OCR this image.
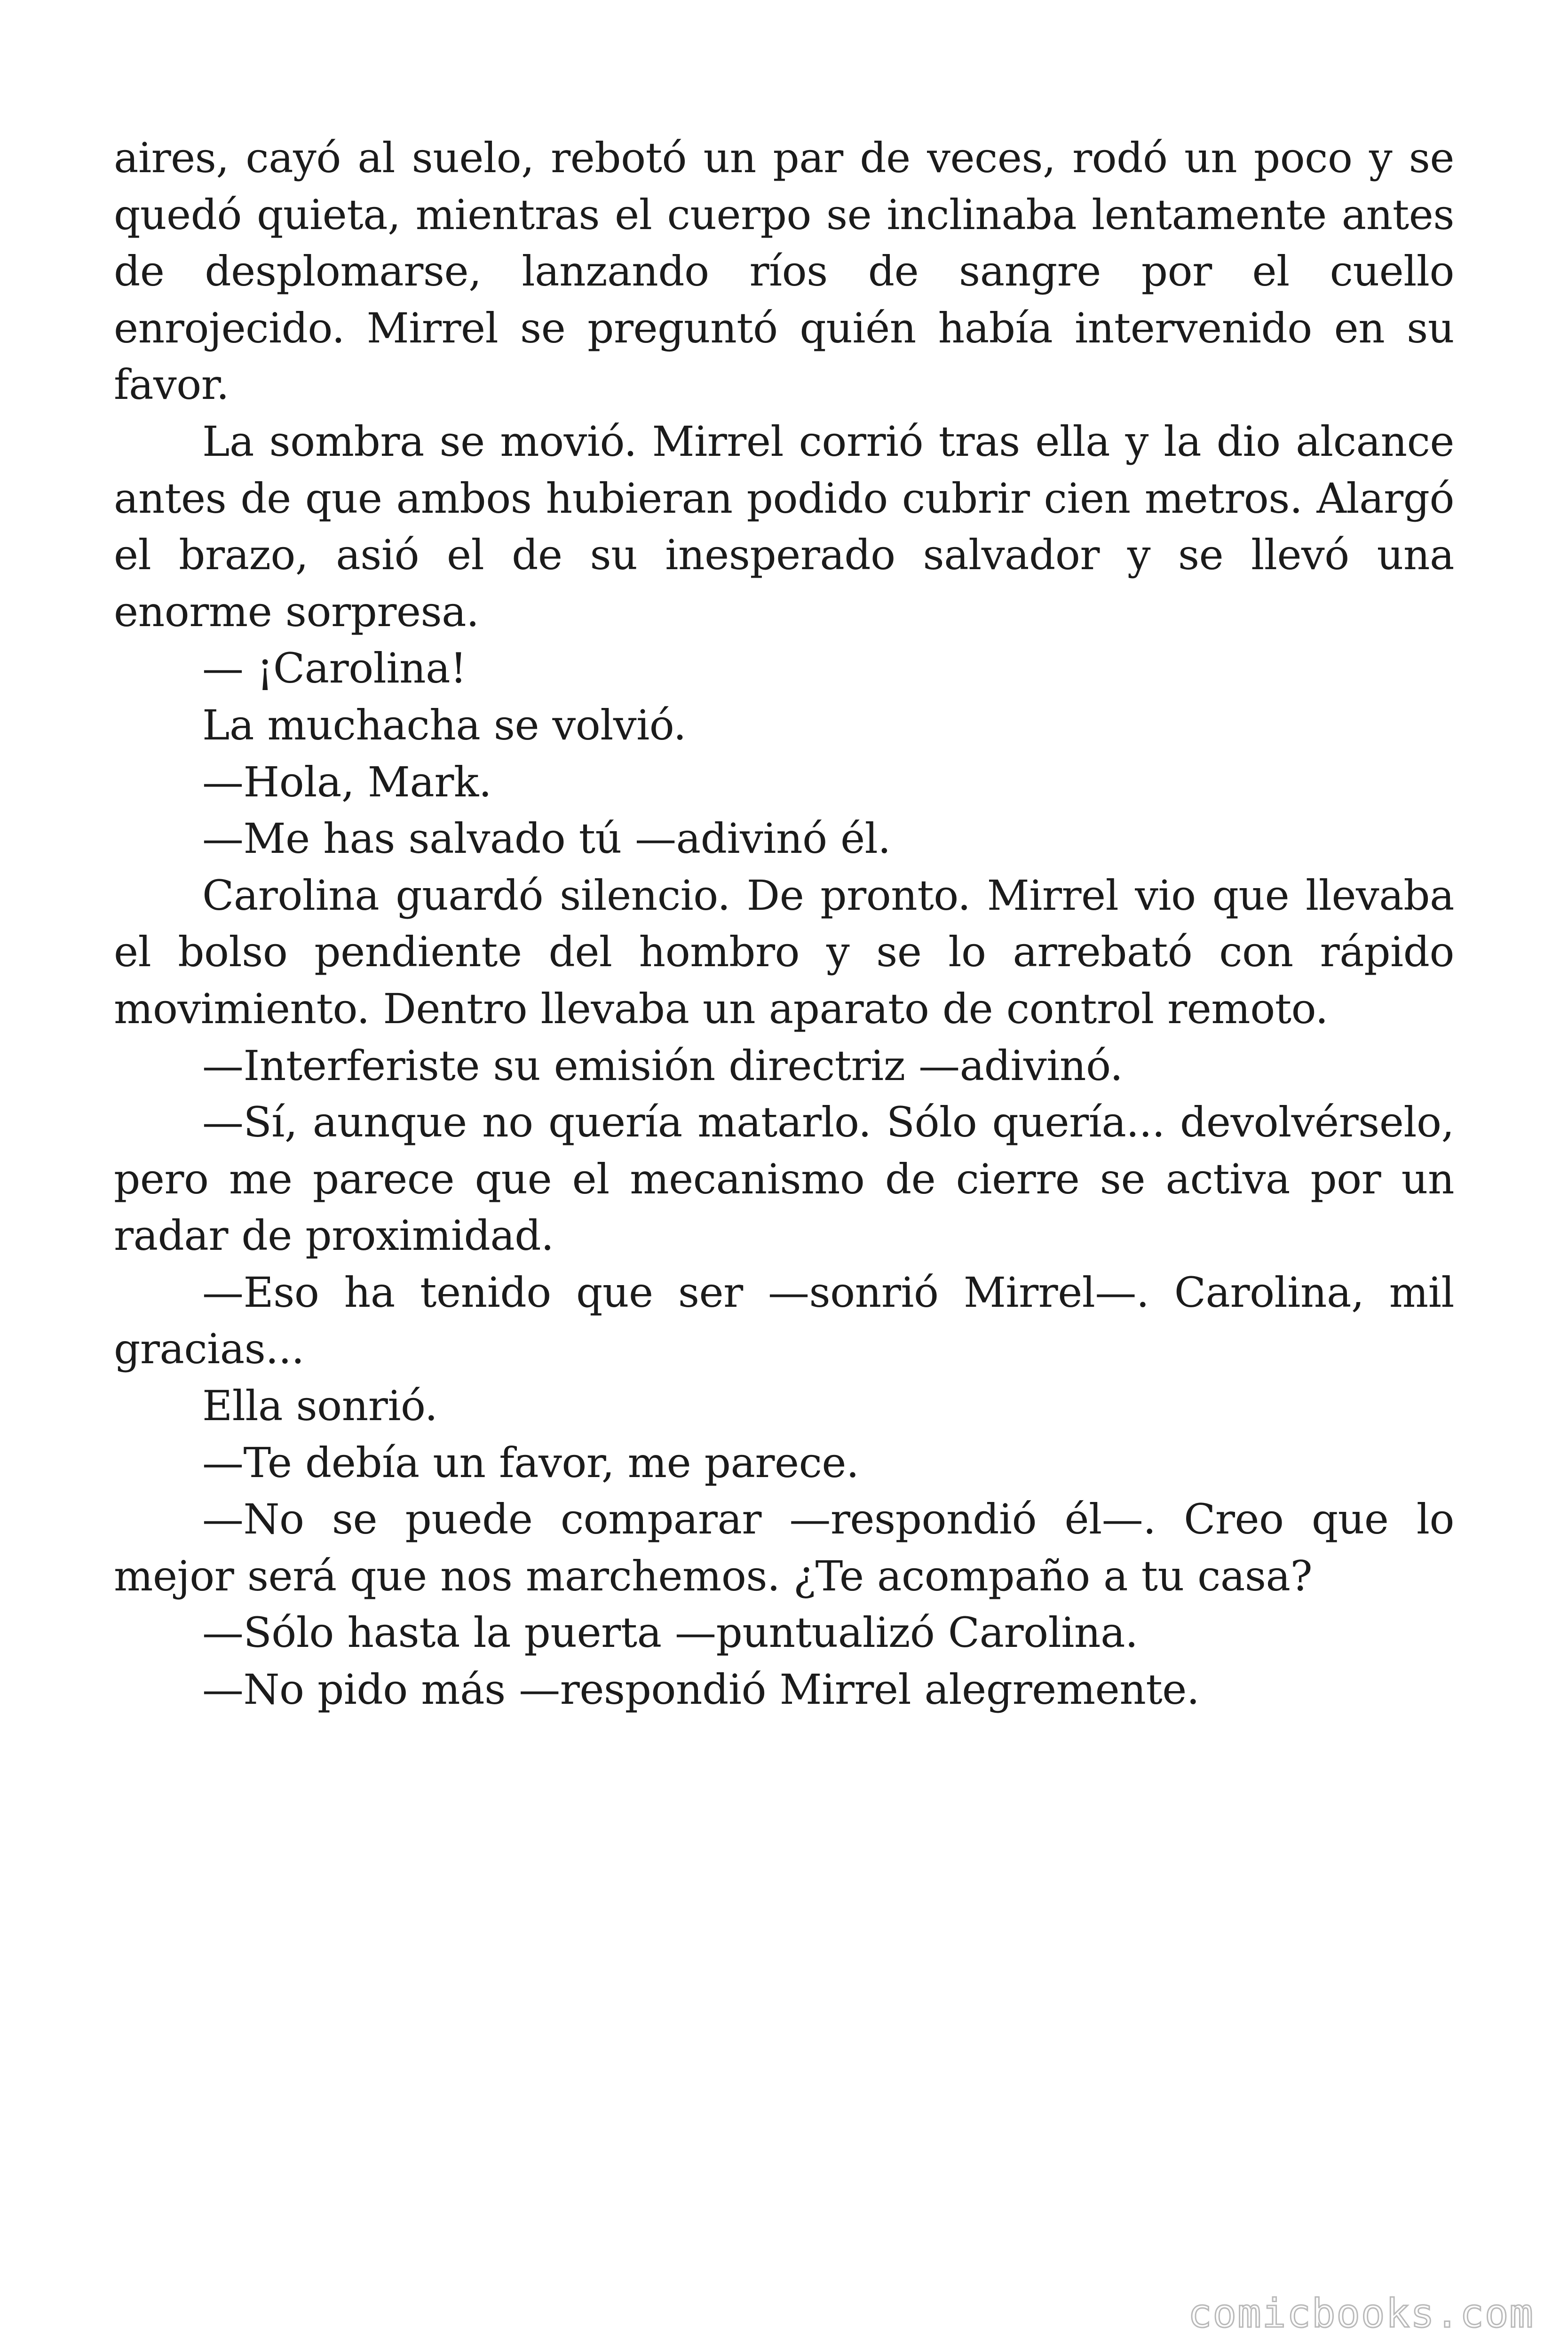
aires, cayó al suelo, rebotó un par de veces, rodó un poco y se quedó quieta, mientras el cuerpo se inclinaba lentamente antes de desplomarse, lanzando ríos de sangre por el cuello enrojecido. Mirrel se preguntó quién había intervenido en su favor.

La sombra se movió. Mirrel corrió tras ella y la dio alcance antes de que ambos hubieran podido cubrir cien metros. Alargó el brazo, asió el de su inesperado salvador y se llevó una enorme sorpresa.

— ¡Carolina!

La muchacha se volvió.

—Hola, Mark.

—Me has salvado tú —adivinó él.

Carolina guardó silencio. De pronto. Mirrel vio que llevaba el bolso pendiente del hombro y se lo arrebató con rápido movimiento. Dentro llevaba un aparato de control remoto.

—Interferiste su emisión directriz —adivinó.

—Sí, aunque no quería matarlo. Sólo quería... devolvérselo, pero me parece que el mecanismo de cierre se activa por un radar de proximidad.

—Eso ha tenido que ser —sonrió Mirrel—. Carolina, mil gracias...

Ella sonrió.

—Te debía un favor, me parece.

—No se puede comparar —respondió él—. Creo que lo mejor será que nos marchemos. ¿Te acompaño a tu casa?

—Sólo hasta la puerta —puntualizó Carolina.

—No pido más —respondió Mirrel alegremente.

comicbooks.com
